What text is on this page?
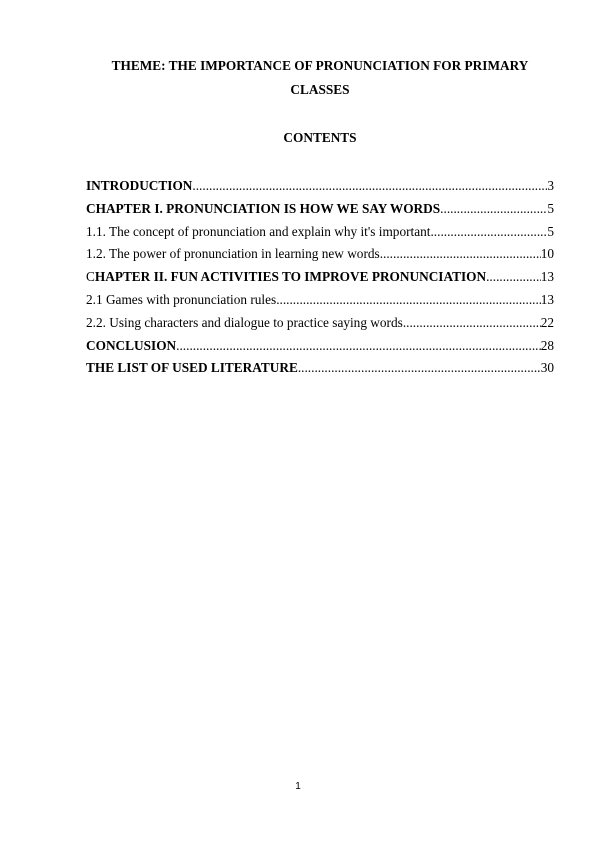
THEME: THE IMPORTANCE OF PRONUNCIATION FOR PRIMARY
CLASSES
CONTENTS
INTRODUCTION .....	3
CHAPTER I. PRONUNCIATION IS HOW WE SAY WORDS .....	5
1.1. The concept of pronunciation and explain why it's important .....	5
1.2. The power of pronunciation in learning new words .....	10
CHAPTER II. FUN ACTIVITIES TO IMPROVE PRONUNCIATION .....	13
2.1 Games with pronunciation rules .....	13
2.2. Using characters and dialogue to practice saying words .....	22
CONCLUSION .....	28
THE LIST OF USED LITERATURE .....	30
1
